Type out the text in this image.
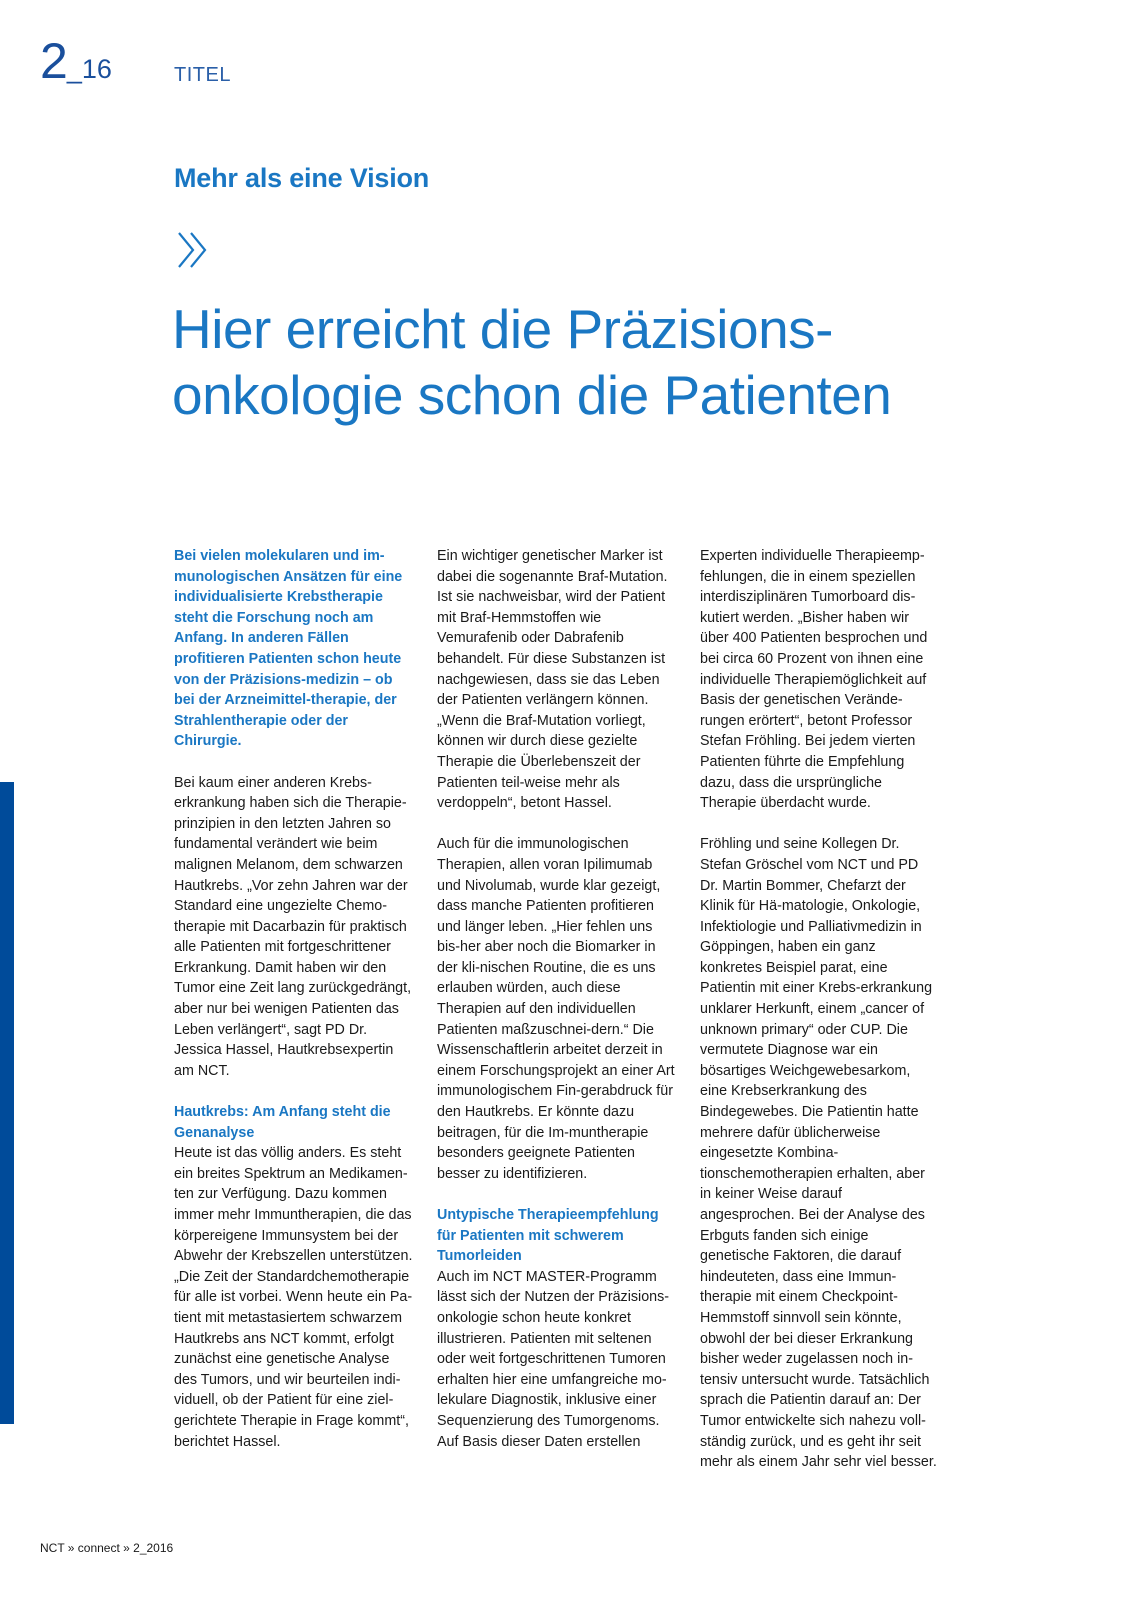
2_16	TITEL
Mehr als eine Vision
Hier erreicht die Präzisions-
onkologie schon die Patienten

Bei vielen molekularen und im-munologischen Ansätzen für eine individualisierte Krebstherapie steht die Forschung noch am Anfang. In anderen Fällen profitieren Patienten schon heute von der Präzisions-medizin – ob bei der Arzneimittel-therapie, der Strahlentherapie oder der Chirurgie.

Bei kaum einer anderen Krebs-erkrankung haben sich die Therapie-prinzipien in den letzten Jahren so fundamental verändert wie beim malignen Melanom, dem schwarzen Hautkrebs. „Vor zehn Jahren war der Standard eine ungezielte Chemo-therapie mit Dacarbazin für praktisch alle Patienten mit fortgeschrittener Erkrankung. Damit haben wir den Tumor eine Zeit lang zurückgedrängt, aber nur bei wenigen Patienten das Leben verlängert“, sagt PD Dr. Jessica Hassel, Hautkrebsexpertin am NCT.

Hautkrebs: Am Anfang steht die Genanalyse

Heute ist das völlig anders. Es steht ein breites Spektrum an Medikamen-ten zur Verfügung. Dazu kommen immer mehr Immuntherapien, die das körpereigene Immunsystem bei der Abwehr der Krebszellen unterstützen. „Die Zeit der Standardchemotherapie für alle ist vorbei. Wenn heute ein Pa-tient mit metastasiertem schwarzem Hautkrebs ans NCT kommt, erfolgt zunächst eine genetische Analyse des Tumors, und wir beurteilen indi-viduell, ob der Patient für eine ziel-gerichtete Therapie in Frage kommt“, berichtet Hassel.

Ein wichtiger genetischer Marker ist dabei die sogenannte Braf-Mutation. Ist sie nachweisbar, wird der Patient mit Braf-Hemmstoffen wie Vemurafenib oder Dabrafenib behandelt. Für diese Substanzen ist nachgewiesen, dass sie das Leben der Patienten verlängern können. „Wenn die Braf-Mutation vorliegt, können wir durch diese gezielte Therapie die Überlebenszeit der Patienten teil-weise mehr als verdoppeln“, betont Hassel.

Auch für die immunologischen Therapien, allen voran Ipilimumab und Nivolumab, wurde klar gezeigt, dass manche Patienten profitieren und länger leben. „Hier fehlen uns bis-her aber noch die Biomarker in der kli-nischen Routine, die es uns erlauben würden, auch diese Therapien auf den individuellen Patienten maßzuschnei-dern.“ Die Wissenschaftlerin arbeitet derzeit in einem Forschungsprojekt an einer Art immunologischem Fin-gerabdruck für den Hautkrebs. Er könnte dazu beitragen, für die Im-muntherapie besonders geeignete Patienten besser zu identifizieren.

Untypische Therapieempfehlung für Patienten mit schwerem Tumorleiden

Auch im NCT MASTER-Programm lässt sich der Nutzen der Präzisions-onkologie schon heute konkret illustrieren. Patienten mit seltenen oder weit fortgeschrittenen Tumoren erhalten hier eine umfangreiche mo-lekulare Diagnostik, inklusive einer Sequenzierung des Tumorgenoms. Auf Basis dieser Daten erstellen

Experten individuelle Therapieemp-fehlungen, die in einem speziellen interdisziplinären Tumorboard dis-kutiert werden. „Bisher haben wir über 400 Patienten besprochen und bei circa 60 Prozent von ihnen eine individuelle Therapiemöglichkeit auf Basis der genetischen Verände-rungen erörtert“, betont Professor Stefan Fröhling. Bei jedem vierten Patienten führte die Empfehlung dazu, dass die ursprüngliche Therapie überdacht wurde.

Fröhling und seine Kollegen Dr. Stefan Gröschel vom NCT und PD Dr. Martin Bommer, Chefarzt der Klinik für Hä-matologie, Onkologie, Infektiologie und Palliativmedizin in Göppingen, haben ein ganz konkretes Beispiel parat, eine Patientin mit einer Krebs-erkrankung unklarer Herkunft, einem „cancer of unknown primary“ oder CUP. Die vermutete Diagnose war ein bösartiges Weichgewebesarkom, eine Krebserkrankung des Bindegewebes. Die Patientin hatte mehrere dafür üblicherweise eingesetzte Kombina-tionschemotherapien erhalten, aber in keiner Weise darauf angesprochen. Bei der Analyse des Erbguts fanden sich einige genetische Faktoren, die darauf hindeuteten, dass eine Immun-therapie mit einem Checkpoint-Hemmstoff sinnvoll sein könnte, obwohl der bei dieser Erkrankung bisher weder zugelassen noch in-tensiv untersucht wurde. Tatsächlich sprach die Patientin darauf an: Der Tumor entwickelte sich nahezu voll-ständig zurück, und es geht ihr seit mehr als einem Jahr sehr viel besser.

NCT » connect » 2_2016
